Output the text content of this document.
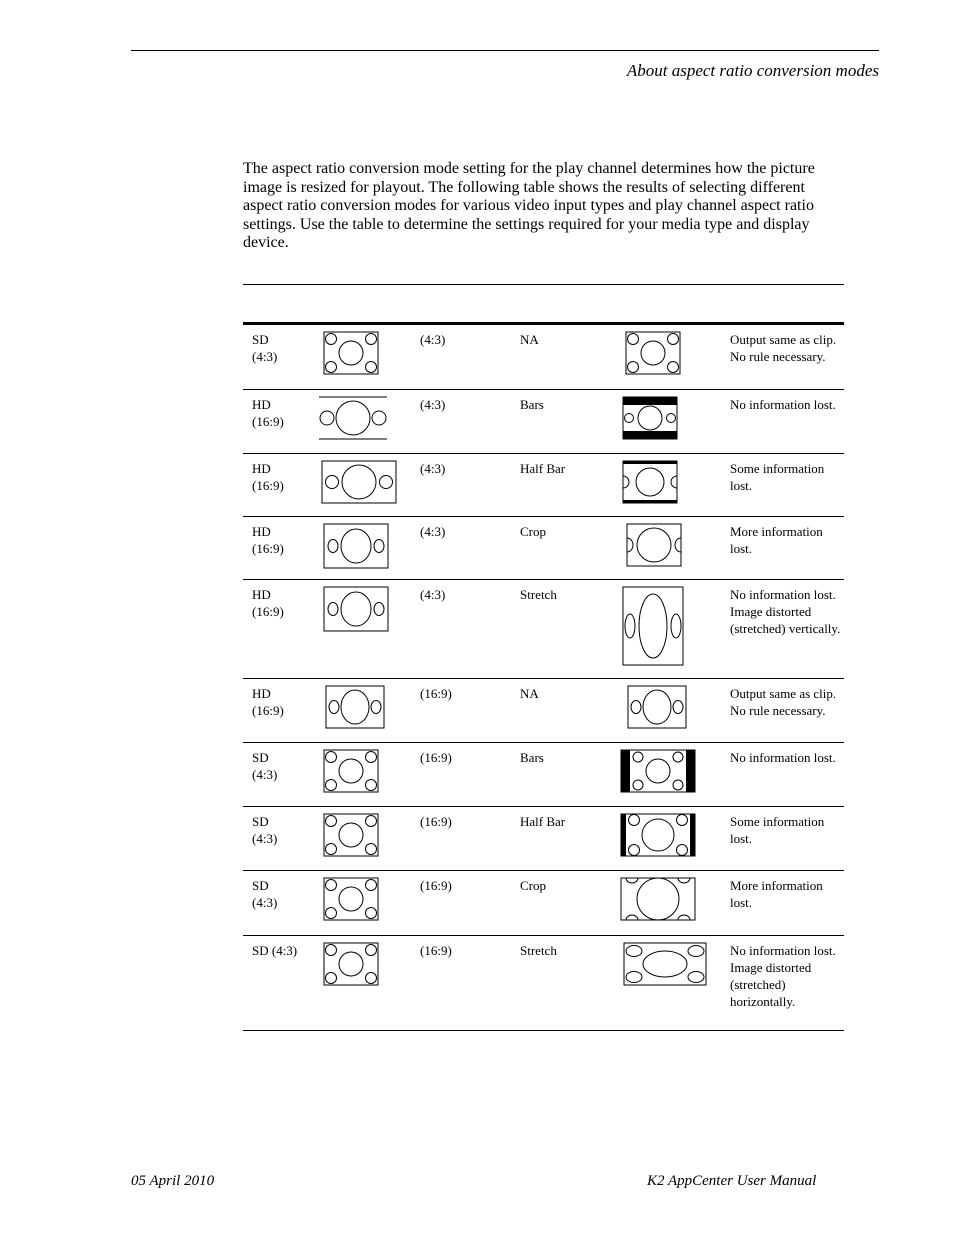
About aspect ratio conversion modes

The aspect ratio conversion mode setting for the play channel determines how the picture image is resized for playout. The following table shows the results of selecting different aspect ratio conversion modes for various video input types and play channel aspect ratio settings. Use the table to determine the settings required for your media type and display device.

SD
(4:3)		(4:3)	NA		Output same as clip. No rule necessary.

HD
(16:9)		(4:3)	Bars		No information lost.

HD
(16:9)		(4:3)	Half Bar		Some information lost.

HD
(16:9)		(4:3)	Crop		More information lost.

HD
(16:9)		(4:3)	Stretch		No information lost. Image distorted (stretched) vertically.

HD
(16:9)		(16:9)	NA		Output same as clip. No rule necessary.

SD
(4:3)		(16:9)	Bars		No information lost.

SD
(4:3)		(16:9)	Half Bar		Some information lost.

SD
(4:3)		(16:9)	Crop		More information lost.

SD (4:3)		(16:9)	Stretch		No information lost. Image distorted (stretched) horizontally.
05 April 2010	K2 AppCenter User Manual
